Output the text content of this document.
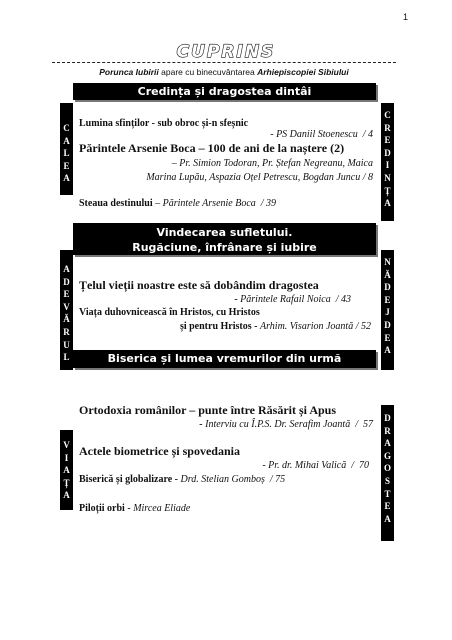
1
CUPRINS
Porunca Iubirii apare cu binecuvântarea Arhiepiscopiei Sibiului
C
A
L
E
A
A
D
E
V
Ă
R
U
L
V
I
A
Ț
A
C
R
E
D
I
N
Ț
A
N
Ă
D
E
J
D
E
A
D
R
A
G
O
S
T
E
A
Credința și dragostea dintâi
Lumina sfinților - sub obroc și-n sfeșnic
- PS Daniil Stoenescu  / 4
Părintele Arsenie Boca – 100 de ani de la naștere (2)
– Pr. Simion Todoran, Pr. Ștefan Negreanu, Maica
Marina Lupău, Aspazia Oțel Petrescu, Bogdan Juncu / 8
Steaua destinului – Părintele Arsenie Boca  / 39
Vindecarea sufletului.
Rugăciune, înfrânare și iubire
Țelul vieții noastre este să dobândim dragostea
- Părintele Rafail Noica  / 43
Viața duhovnicească în Hristos, cu Hristos
și pentru Hristos - Arhim. Visarion Joantă / 52
Biserica și lumea vremurilor din urmă
Ortodoxia românilor – punte între Răsărit și Apus
- Interviu cu Î.P.S. Dr. Serafim Joantă  /  57
Actele biometrice și spovedania
- Pr. dr. Mihai Valică  /  70
Biserică și globalizare - Drd. Stelian Gomboș  / 75
Piloții orbi - Mircea Eliade
